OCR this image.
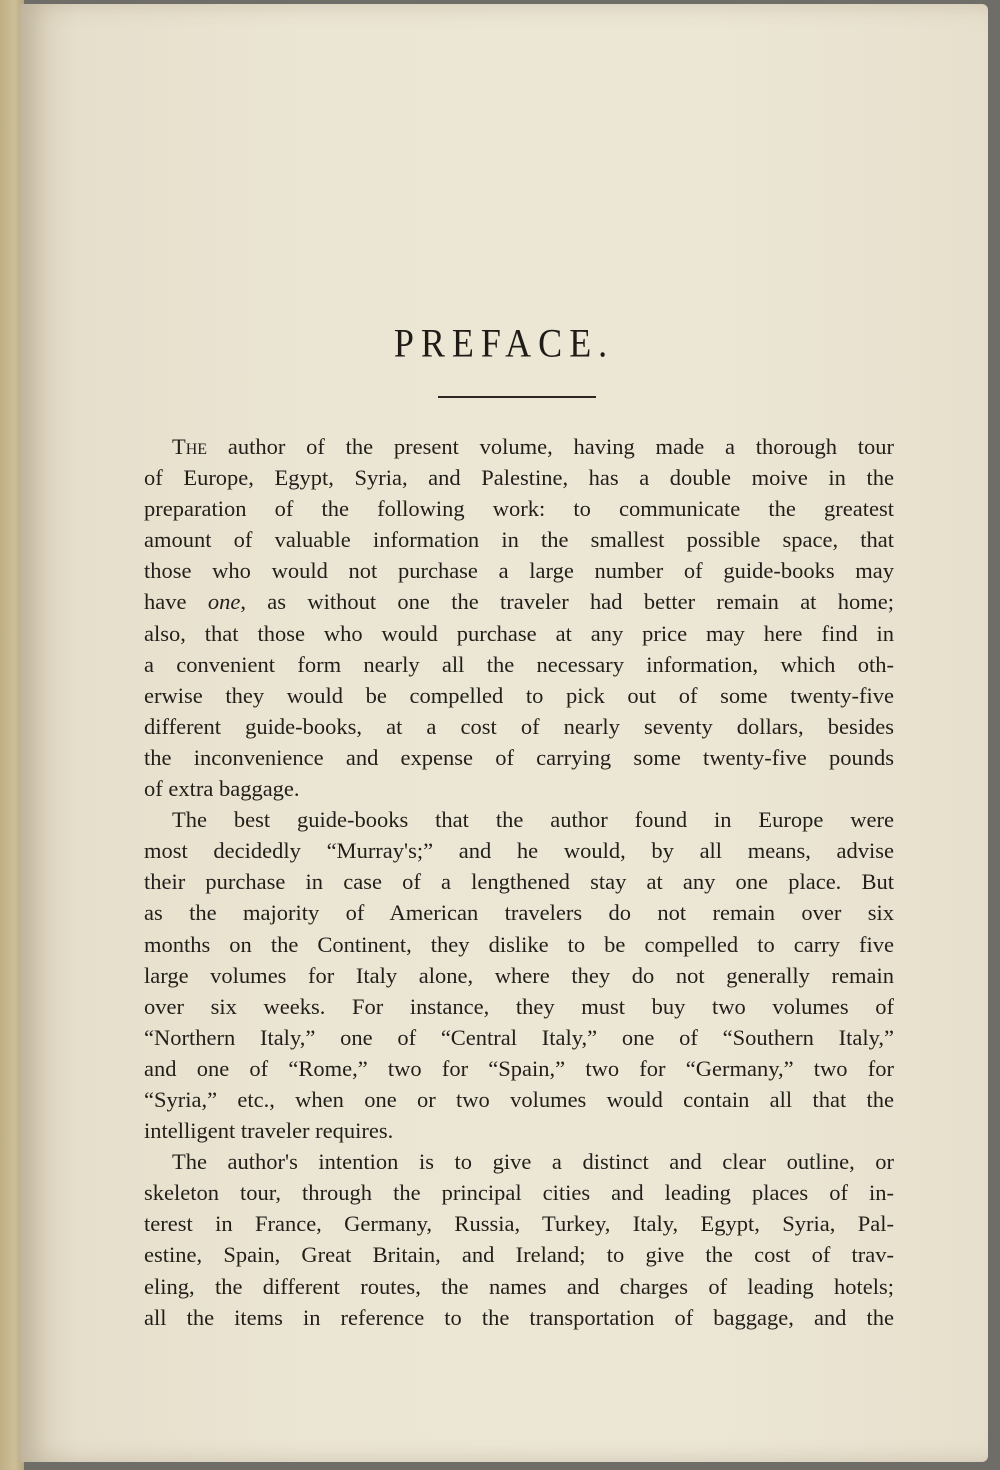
PREFACE.
The author of the present volume, having made a thorough tour
of Europe, Egypt, Syria, and Palestine, has a double moive in the
preparation of the following work: to communicate the greatest
amount of valuable information in the smallest possible space, that
those who would not purchase a large number of guide-books may
have one, as without one the traveler had better remain at home;
also, that those who would purchase at any price may here find in
a convenient form nearly all the necessary information, which oth-
erwise they would be compelled to pick out of some twenty-five
different guide-books, at a cost of nearly seventy dollars, besides
the inconvenience and expense of carrying some twenty-five pounds
of extra baggage.
The best guide-books that the author found in Europe were
most decidedly “Murray's;” and he would, by all means, advise
their purchase in case of a lengthened stay at any one place. But
as the majority of American travelers do not remain over six
months on the Continent, they dislike to be compelled to carry five
large volumes for Italy alone, where they do not generally remain
over six weeks. For instance, they must buy two volumes of
“Northern Italy,” one of “Central Italy,” one of “Southern Italy,”
and one of “Rome,” two for “Spain,” two for “Germany,” two for
“Syria,” etc., when one or two volumes would contain all that the
intelligent traveler requires.
The author's intention is to give a distinct and clear outline, or
skeleton tour, through the principal cities and leading places of in-
terest in France, Germany, Russia, Turkey, Italy, Egypt, Syria, Pal-
estine, Spain, Great Britain, and Ireland; to give the cost of trav-
eling, the different routes, the names and charges of leading hotels;
all the items in reference to the transportation of baggage, and the
